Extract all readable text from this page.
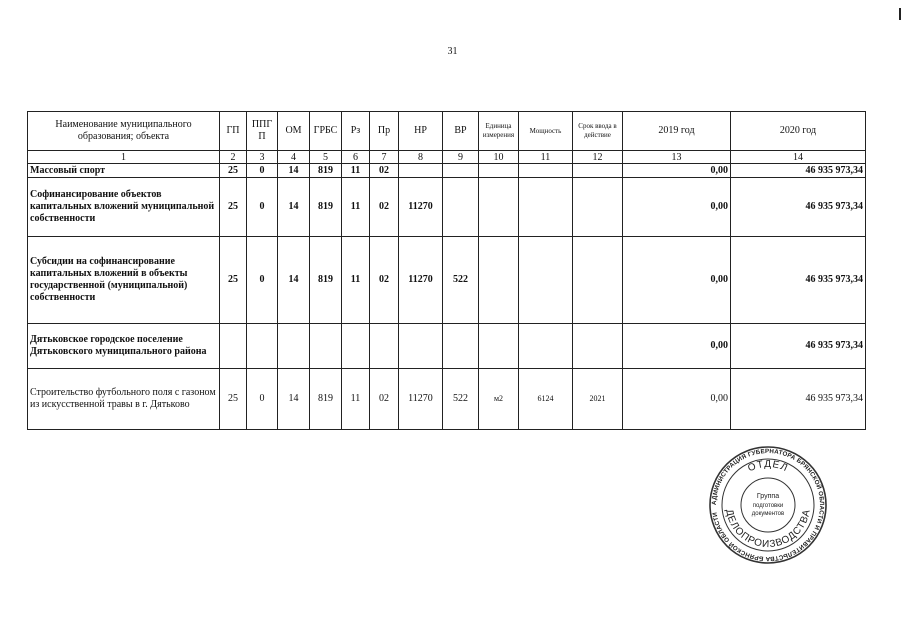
31
Наименование муниципального образования; объекта	ГП	ППГ П	ОМ	ГРБС	Рз	Пр	НР	ВР	Единица измерения	Мощность	Срок ввода в действие	2019 год	2020 год
1	2	3	4	5	6	7	8	9	10	11	12	13	14
Массовый спорт	25	0	14	819	11	02						0,00	46 935 973,34
Софинансирование объектов капитальных вложений муниципальной собственности	25	0	14	819	11	02	11270					0,00	46 935 973,34
Субсидии на софинансирование капитальных вложений в объекты государственной (муниципальной) собственности	25	0	14	819	11	02	11270	522				0,00	46 935 973,34
Дятьковское городское поселение Дятьковского муниципального района												0,00	46 935 973,34
Строительство футбольного поля с газоном из искусственной травы в г. Дятьково	25	0	14	819	11	02	11270	522	м2	6124	2021	0,00	46 935 973,34
АДМИНИСТРАЦИЯ ГУБЕРНАТОРА БРЯНСКОЙ ОБЛАСТИ И ПРАВИТЕЛЬСТВА БРЯНСКОЙ ОБЛАСТИ
ОТДЕЛ
ДЕЛОПРОИЗВОДСТВА
Группа
подготовки
документов
